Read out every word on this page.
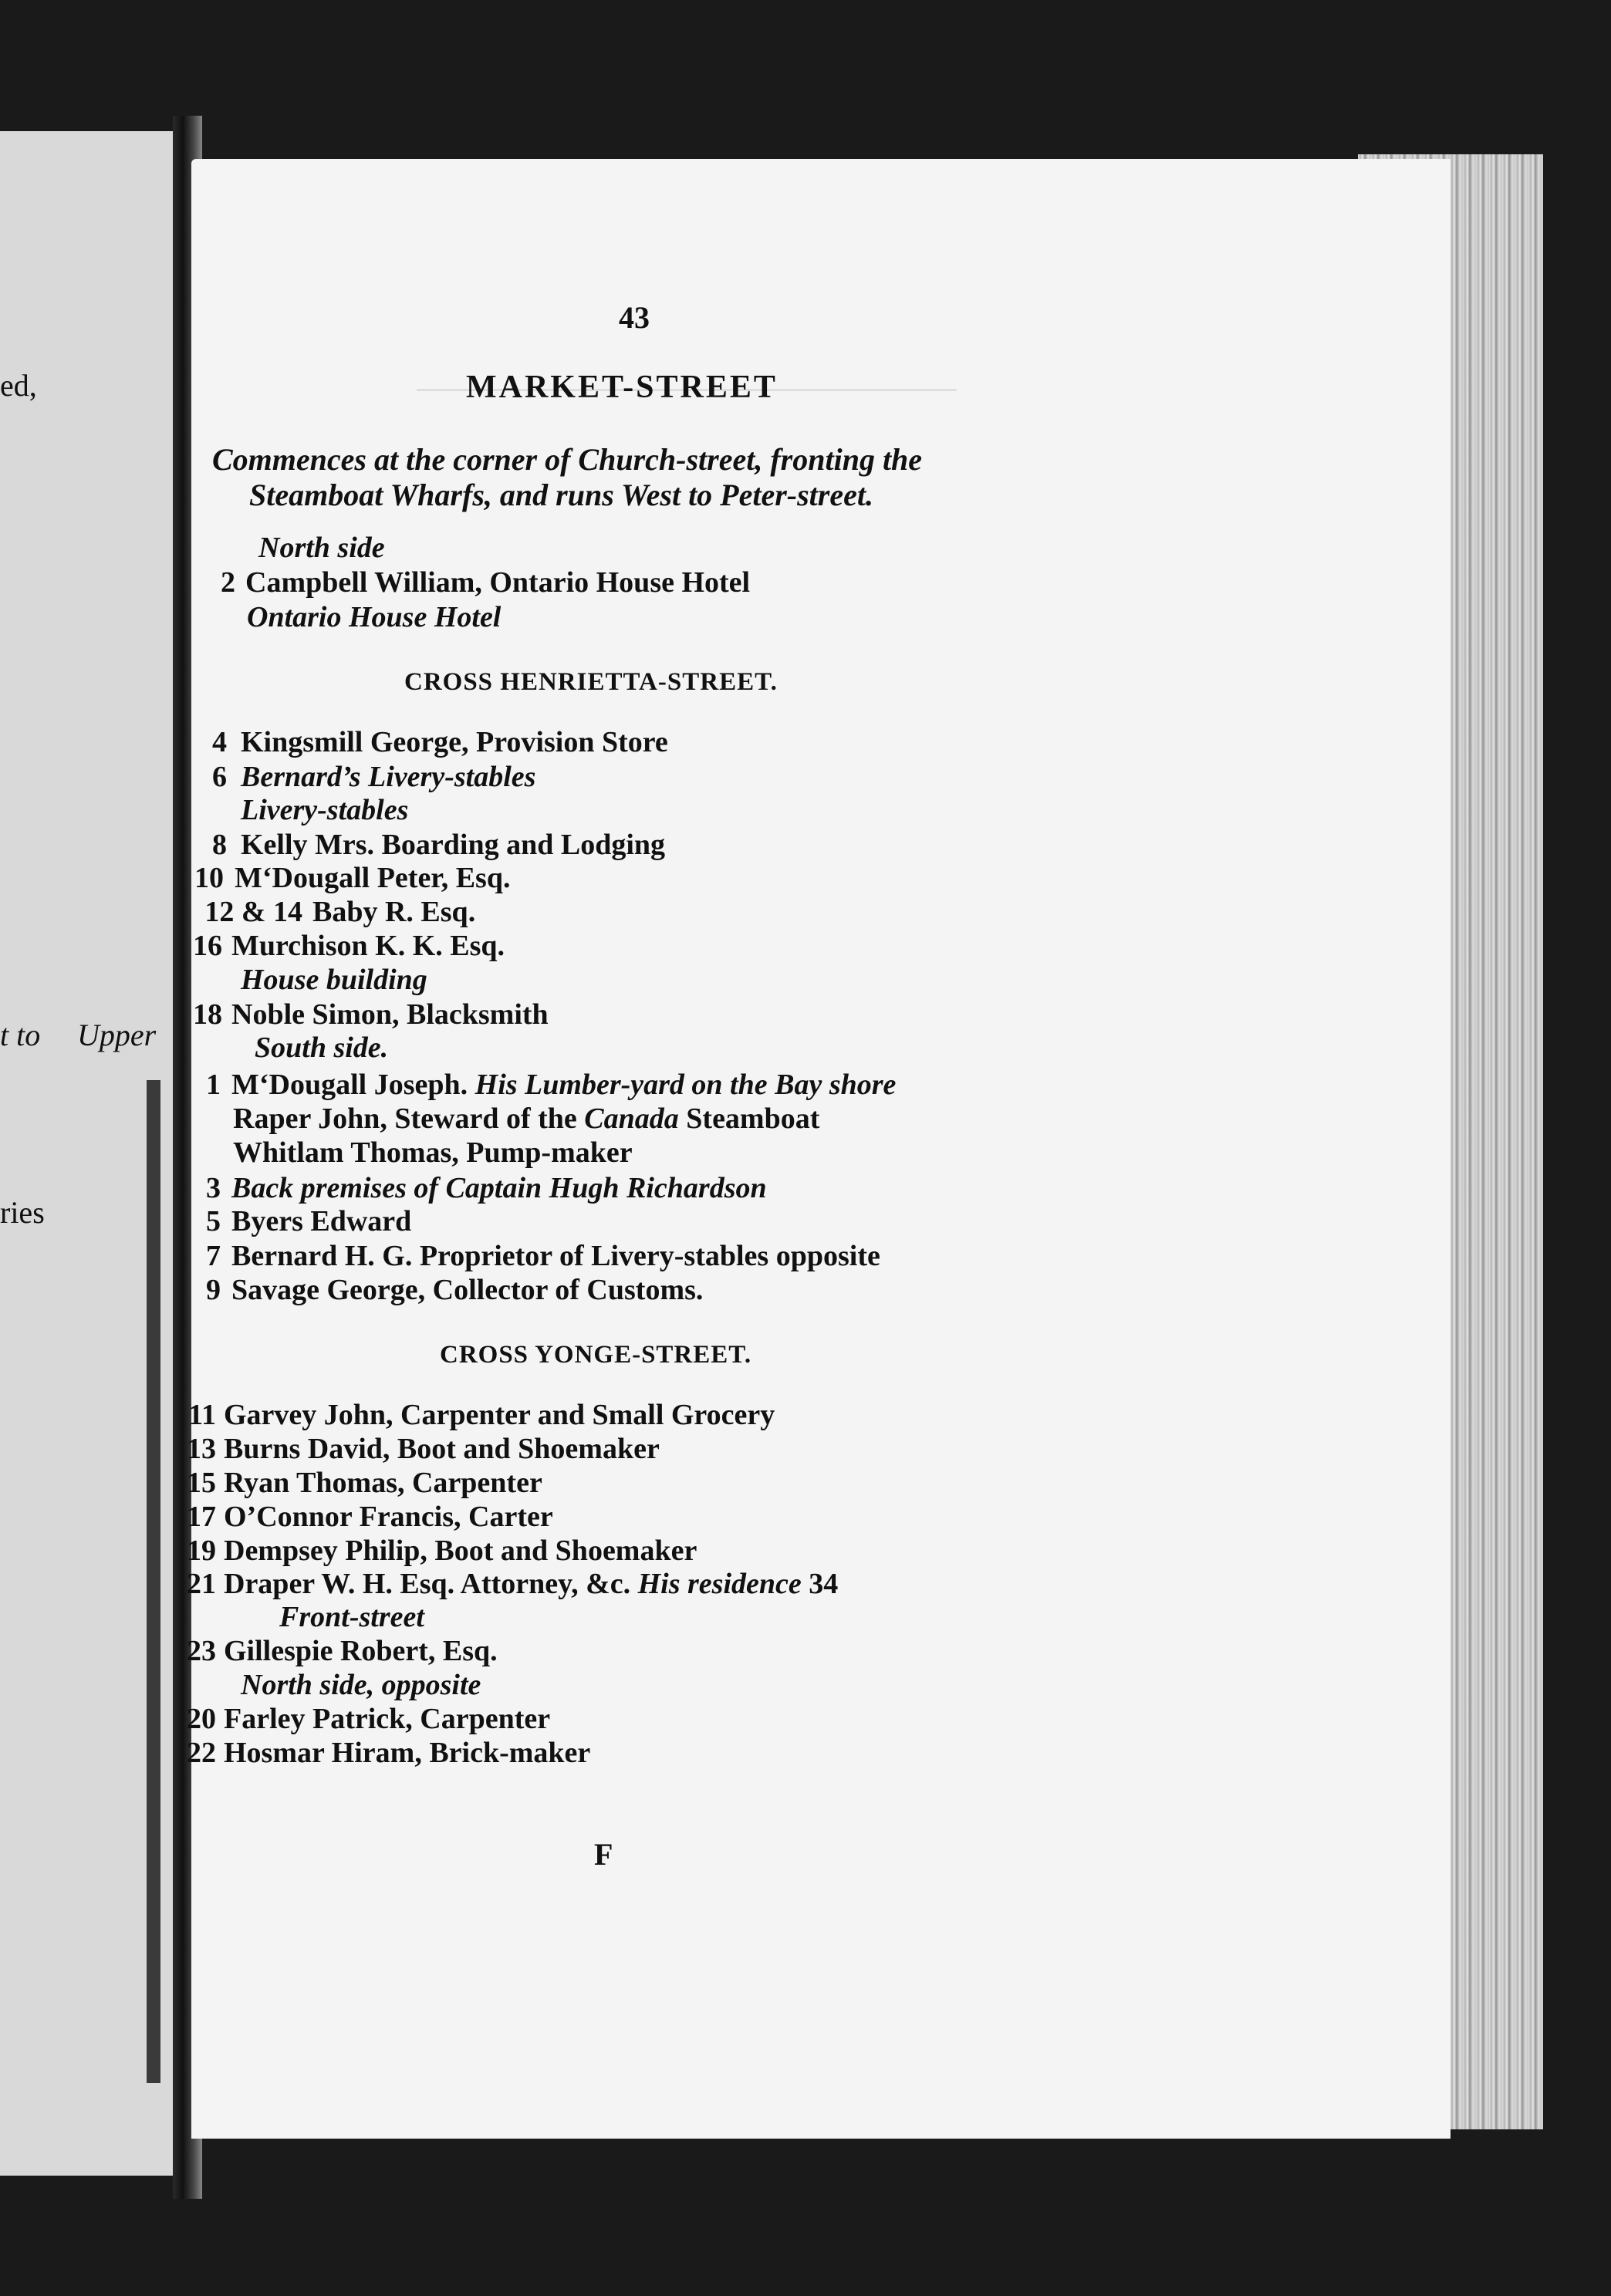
ed,
t to Upper
ries
43
MARKET-STREET
Commences at the corner of Church-street, fronting the
Steamboat Wharfs, and runs West to Peter-street.
North side
2 Campbell William, Ontario House Hotel
Ontario House Hotel
CROSS HENRIETTA-STREET.
4 Kingsmill George, Provision Store
6 Bernard’s Livery-stables
Livery-stables
8 Kelly Mrs. Boarding and Lodging
10 M‘Dougall Peter, Esq.
12 & 14 Baby R. Esq.
16 Murchison K. K. Esq.
House building
18 Noble Simon, Blacksmith
South side.
1 M‘Dougall Joseph. His Lumber-yard on the Bay shore
Raper John, Steward of the Canada Steamboat
Whitlam Thomas, Pump-maker
3 Back premises of Captain Hugh Richardson
5 Byers Edward
7 Bernard H. G. Proprietor of Livery-stables opposite
9 Savage George, Collector of Customs.
CROSS YONGE-STREET.
11 Garvey John, Carpenter and Small Grocery
13 Burns David, Boot and Shoemaker
15 Ryan Thomas, Carpenter
17 O’Connor Francis, Carter
19 Dempsey Philip, Boot and Shoemaker
21 Draper W. H. Esq. Attorney, &c. His residence 34
Front-street
23 Gillespie Robert, Esq.
North side, opposite
20 Farley Patrick, Carpenter
22 Hosmar Hiram, Brick-maker
F
